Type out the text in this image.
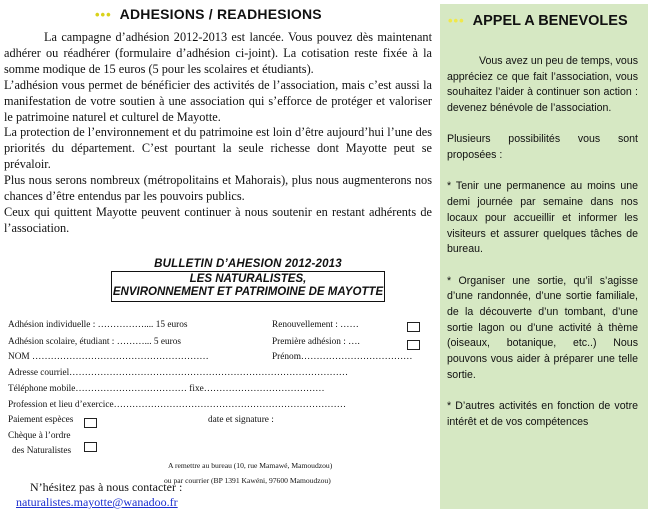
••• ADHESIONS / READHESIONS

La campagne d’adhésion 2012-2013 est lancée. Vous pouvez dès maintenant adhérer ou réadhérer (formulaire d’adhésion ci-joint). La cotisation reste fixée à la somme modique de 15 euros (5 pour les scolaires et étudiants).

L’adhésion vous permet de bénéficier des activités de l’association, mais c’est aussi la manifestation de votre soutien à une association qui s’efforce de protéger et valoriser le patrimoine naturel et culturel de Mayotte.

La protection de l’environnement et du patrimoine est loin d’être aujourd’hui l’une des priorités du département. C’est pourtant la seule richesse dont Mayotte peut se prévaloir.

Plus nous serons nombreux (métropolitains et Mahorais), plus nous augmenterons nos chances d’être entendus par les pouvoirs publics.

Ceux qui quittent Mayotte peuvent continuer à nous soutenir en restant adhérents de l’association.

BULLETIN D’AHESION 2012-2013
LES NATURALISTES,
ENVIRONNEMENT ET PATRIMOINE DE MAYOTTE
Adhésion individuelle : …………….... 15 euros
Adhésion scolaire, étudiant : ………... 5 euros
Renouvellement : ……
Première adhésion : ….
NOM …………………………………………………	Prénom………………………………
Adresse courriel………………………………………………………………………………
Téléphone mobile……………………………… fixe…………………………………
Profession et lieu d’exercice…………………………………………………………………
Paiement espèces	date et signature :
Chèque à l’ordre
des Naturalistes
A remettre au bureau (10, rue Mamawé, Mamoudzou)
ou par courrier (BP 1391 Kawéni, 97600 Mamoudzou)
••• APPEL A BENEVOLES

Vous avez un peu de temps, vous appréciez ce que fait l’association, vous souhaitez l’aider à continuer son action : devenez bénévole de l’association.

Plusieurs possibilités vous sont proposées :

* Tenir une permanence au moins une demi journée par semaine dans nos locaux pour accueillir et informer les visiteurs et assurer quelques tâches de bureau.

* Organiser une sortie, qu’il s’agisse d’une randonnée, d’une sortie familiale, de la découverte d’un tombant, d’une sortie lagon ou d’une activité à thème (oiseaux, botanique, etc..) Nous pouvons vous aider à préparer une telle sortie.

* D’autres activités en fonction de votre intérêt et de vos compétences

N’hésitez pas à nous contacter :
naturalistes.mayotte@wanadoo.fr
